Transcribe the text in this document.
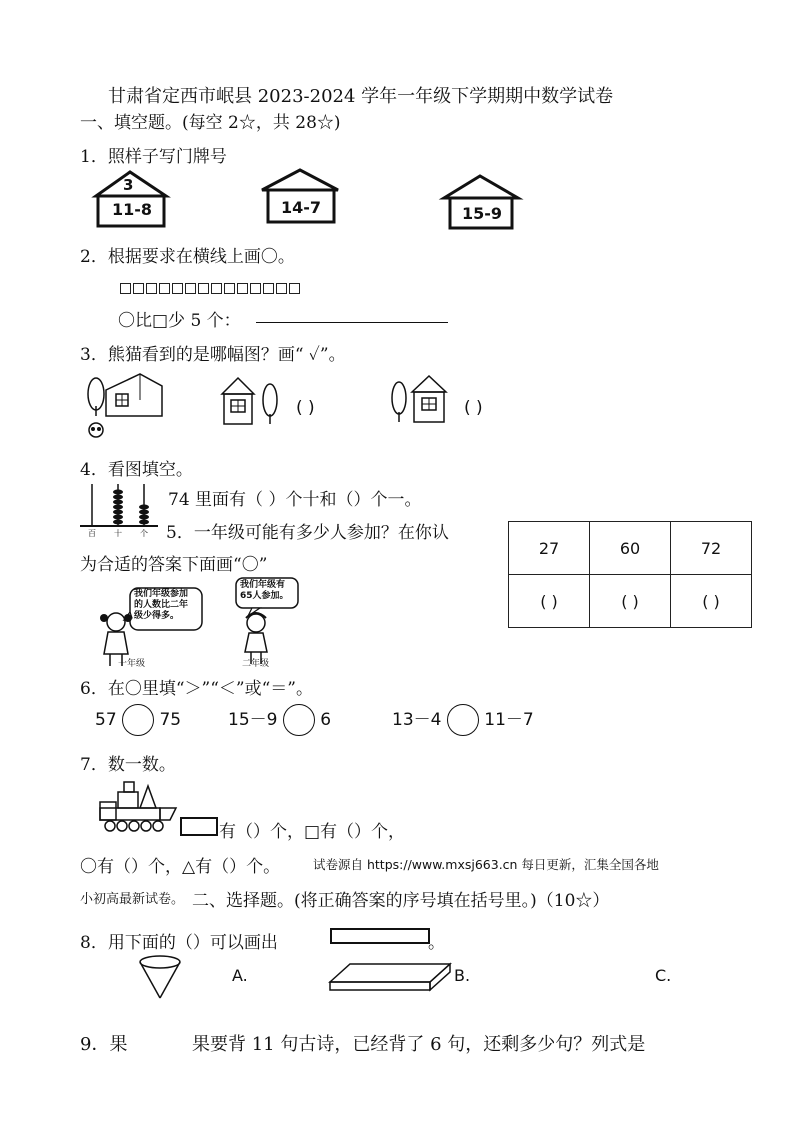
甘肃省定西市岷县 2023-2024 学年一年级下学期期中数学试卷
一、填空题。(每空 2☆，共 28☆)
1．照样子写门牌号
3
11-8	14-7	15-9
2．根据要求在横线上画〇。
〇比□少 5 个：
3．熊猫看到的是哪幅图？画“ ✓”。
( )	( )
4．看图填空。
百 十 个
74 里面有（ ）个十和（）个一。
5．一年级可能有多少人参加？在你认
为合适的答案下面画“〇”
27	60	72
( )	( )	( )
我们年级参加的人数比二年级少得多。
一年级
我们年级有65人参加。
二年级
6．在〇里填“＞”“＜”或“＝”。
57	75	15－9	6	13－4	11－7
7．数一数。
有（）个，□有（）个，
〇有（）个，△有（）个。	试卷源自 https://www.mxsj663.cn 每日更新，汇集全国各地
小初高最新试卷。 二、选择题。(将正确答案的序号填在括号里。)（10☆）
8．用下面的（）可以画出	。
A.	B.	C.
9．果	果要背 11 句古诗，已经背了 6 句，还剩多少句？列式是
